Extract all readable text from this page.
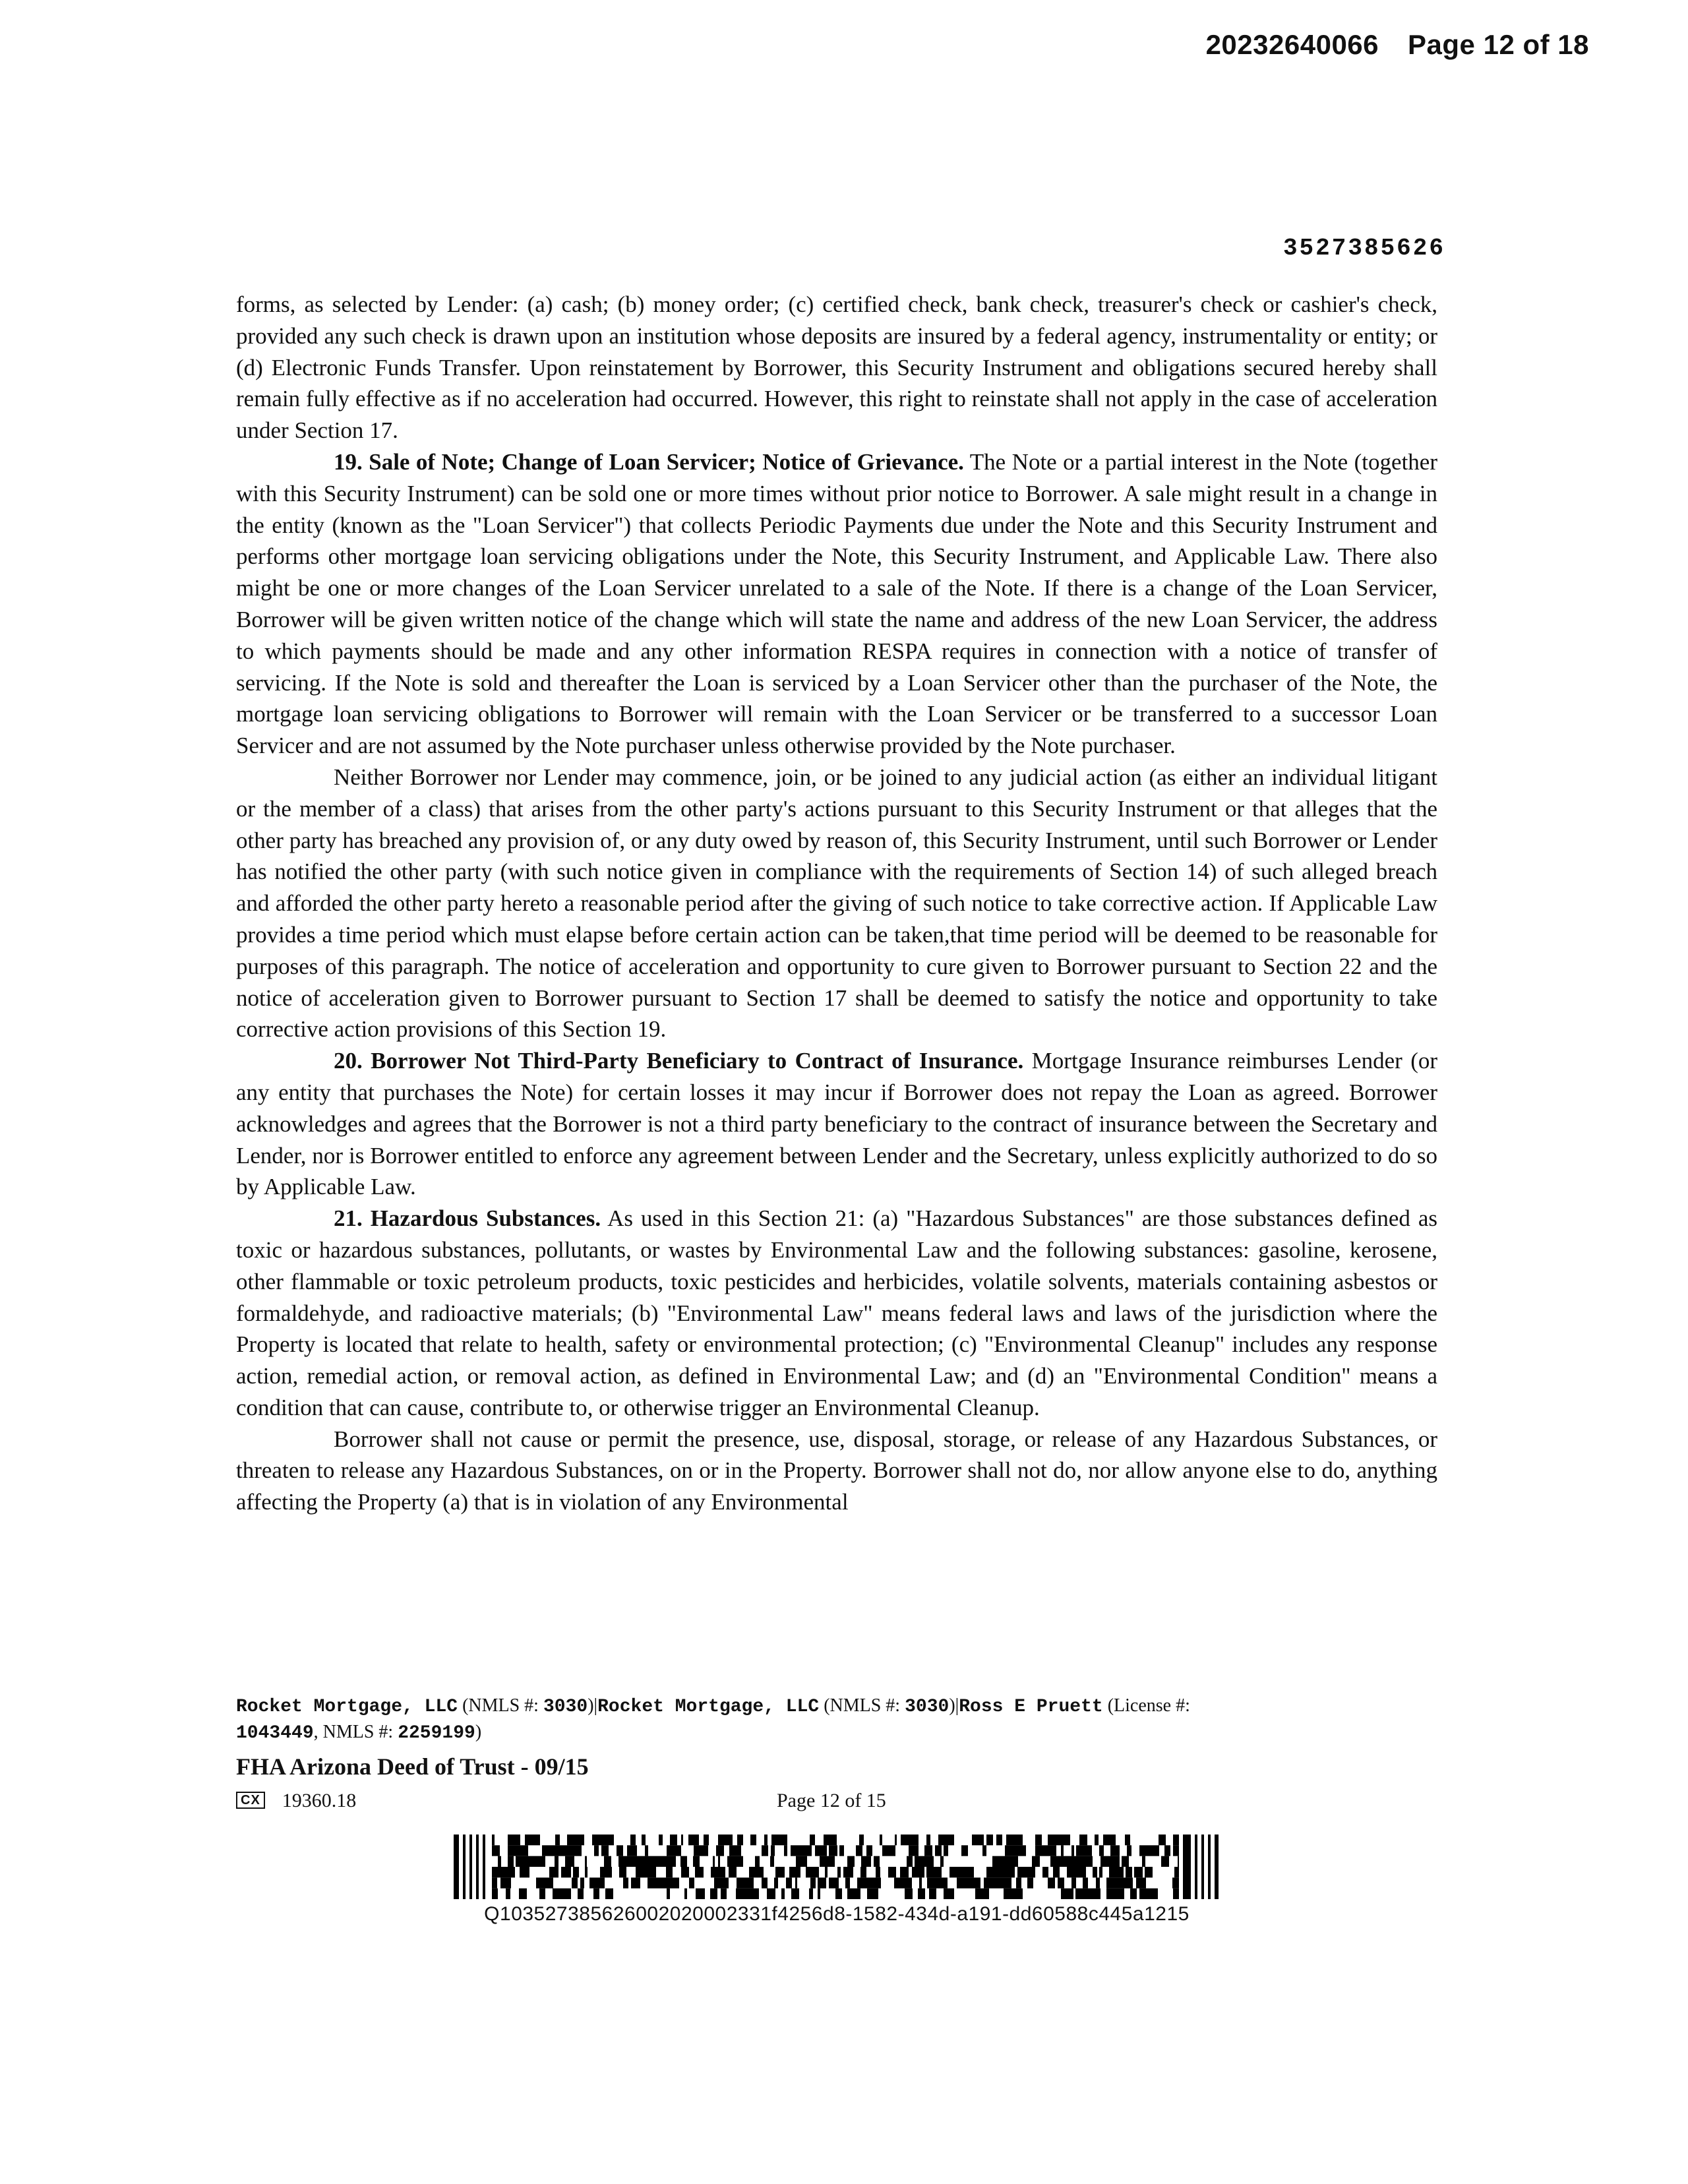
20232640066 Page 12 of 18
3527385626

forms, as selected by Lender: (a) cash; (b) money order; (c) certified check, bank check, treasurer's check or cashier's check, provided any such check is drawn upon an institution whose deposits are insured by a federal agency, instrumentality or entity; or (d) Electronic Funds Transfer. Upon reinstatement by Borrower, this Security Instrument and obligations secured hereby shall remain fully effective as if no acceleration had occurred. However, this right to reinstate shall not apply in the case of acceleration under Section 17.

19. Sale of Note; Change of Loan Servicer; Notice of Grievance. The Note or a partial interest in the Note (together with this Security Instrument) can be sold one or more times without prior notice to Borrower. A sale might result in a change in the entity (known as the "Loan Servicer") that collects Periodic Payments due under the Note and this Security Instrument and performs other mortgage loan servicing obligations under the Note, this Security Instrument, and Applicable Law. There also might be one or more changes of the Loan Servicer unrelated to a sale of the Note. If there is a change of the Loan Servicer, Borrower will be given written notice of the change which will state the name and address of the new Loan Servicer, the address to which payments should be made and any other information RESPA requires in connection with a notice of transfer of servicing. If the Note is sold and thereafter the Loan is serviced by a Loan Servicer other than the purchaser of the Note, the mortgage loan servicing obligations to Borrower will remain with the Loan Servicer or be transferred to a successor Loan Servicer and are not assumed by the Note purchaser unless otherwise provided by the Note purchaser.

Neither Borrower nor Lender may commence, join, or be joined to any judicial action (as either an individual litigant or the member of a class) that arises from the other party's actions pursuant to this Security Instrument or that alleges that the other party has breached any provision of, or any duty owed by reason of, this Security Instrument, until such Borrower or Lender has notified the other party (with such notice given in compliance with the requirements of Section 14) of such alleged breach and afforded the other party hereto a reasonable period after the giving of such notice to take corrective action. If Applicable Law provides a time period which must elapse before certain action can be taken,that time period will be deemed to be reasonable for purposes of this paragraph. The notice of acceleration and opportunity to cure given to Borrower pursuant to Section 22 and the notice of acceleration given to Borrower pursuant to Section 17 shall be deemed to satisfy the notice and opportunity to take corrective action provisions of this Section 19.

20. Borrower Not Third-Party Beneficiary to Contract of Insurance. Mortgage Insurance reimburses Lender (or any entity that purchases the Note) for certain losses it may incur if Borrower does not repay the Loan as agreed. Borrower acknowledges and agrees that the Borrower is not a third party beneficiary to the contract of insurance between the Secretary and Lender, nor is Borrower entitled to enforce any agreement between Lender and the Secretary, unless explicitly authorized to do so by Applicable Law.

21. Hazardous Substances. As used in this Section 21: (a) "Hazardous Substances" are those substances defined as toxic or hazardous substances, pollutants, or wastes by Environmental Law and the following substances: gasoline, kerosene, other flammable or toxic petroleum products, toxic pesticides and herbicides, volatile solvents, materials containing asbestos or formaldehyde, and radioactive materials; (b) "Environmental Law" means federal laws and laws of the jurisdiction where the Property is located that relate to health, safety or environmental protection; (c) "Environmental Cleanup" includes any response action, remedial action, or removal action, as defined in Environmental Law; and (d) an "Environmental Condition" means a condition that can cause, contribute to, or otherwise trigger an Environmental Cleanup.

Borrower shall not cause or permit the presence, use, disposal, storage, or release of any Hazardous Substances, or threaten to release any Hazardous Substances, on or in the Property. Borrower shall not do, nor allow anyone else to do, anything affecting the Property (a) that is in violation of any Environmental

Rocket Mortgage, LLC (NMLS #: 3030)|Rocket Mortgage, LLC (NMLS #: 3030)|Ross E Pruett (License #:
1043449, NMLS #: 2259199)
FHA Arizona Deed of Trust - 09/15
CX 19360.18	Page 12 of 15
Q103527385626002020002331f4256d8-1582-434d-a191-dd60588c445a1215
